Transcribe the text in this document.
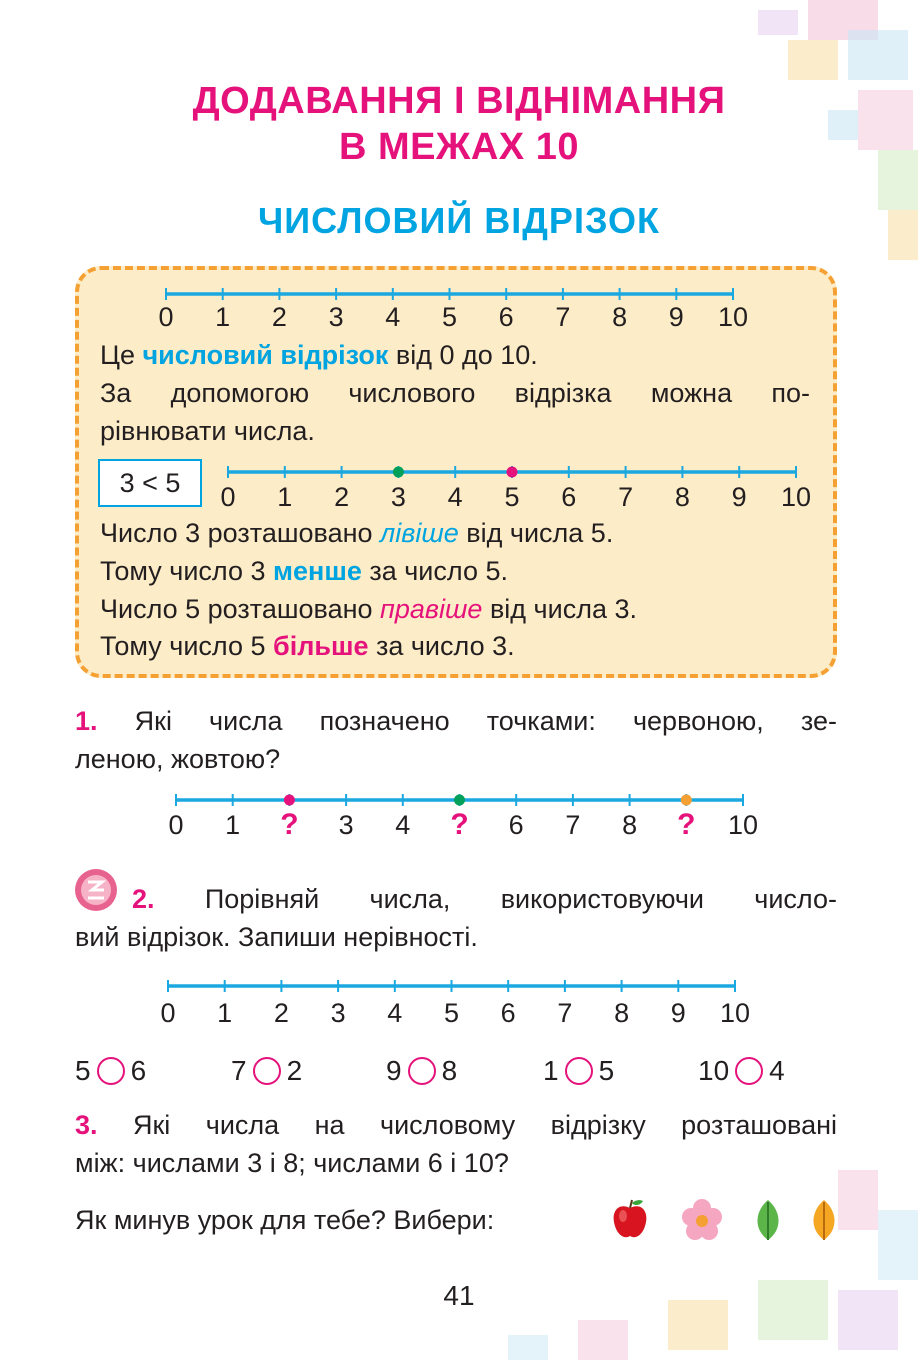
ДОДАВАННЯ І ВІДНІМАННЯ
В МЕЖАХ 10
ЧИСЛОВИЙ ВІДРІЗОК
0 1 2 3 4 5 6 7 8 9 10
Це числовий відрізок від 0 до 10.
За допомогою числового відрізка можна по-
рівнювати числа.
3 < 5	0 1 2 3 4 5 6 7 8 9 10
Число 3 розташовано лівіше від числа 5.
Тому число 3 менше за число 5.
Число 5 розташовано правіше від числа 3.
Тому число 5 більше за число 3.
1. Які числа позначено точками: червоною, зе-
леною, жовтою?
0 1 ? 3 4 ? 6 7 8 ? 10
2. Порівняй числа, використовуючи число-
вий відрізок. Запиши нерівності.
0 1 2 3 4 5 6 7 8 9 10
5 6	7 2	9 8	1 5	10 4
3. Які числа на числовому відрізку розташовані
між: числами 3 і 8; числами 6 і 10?
Як минув урок для тебе? Вибери:
41
